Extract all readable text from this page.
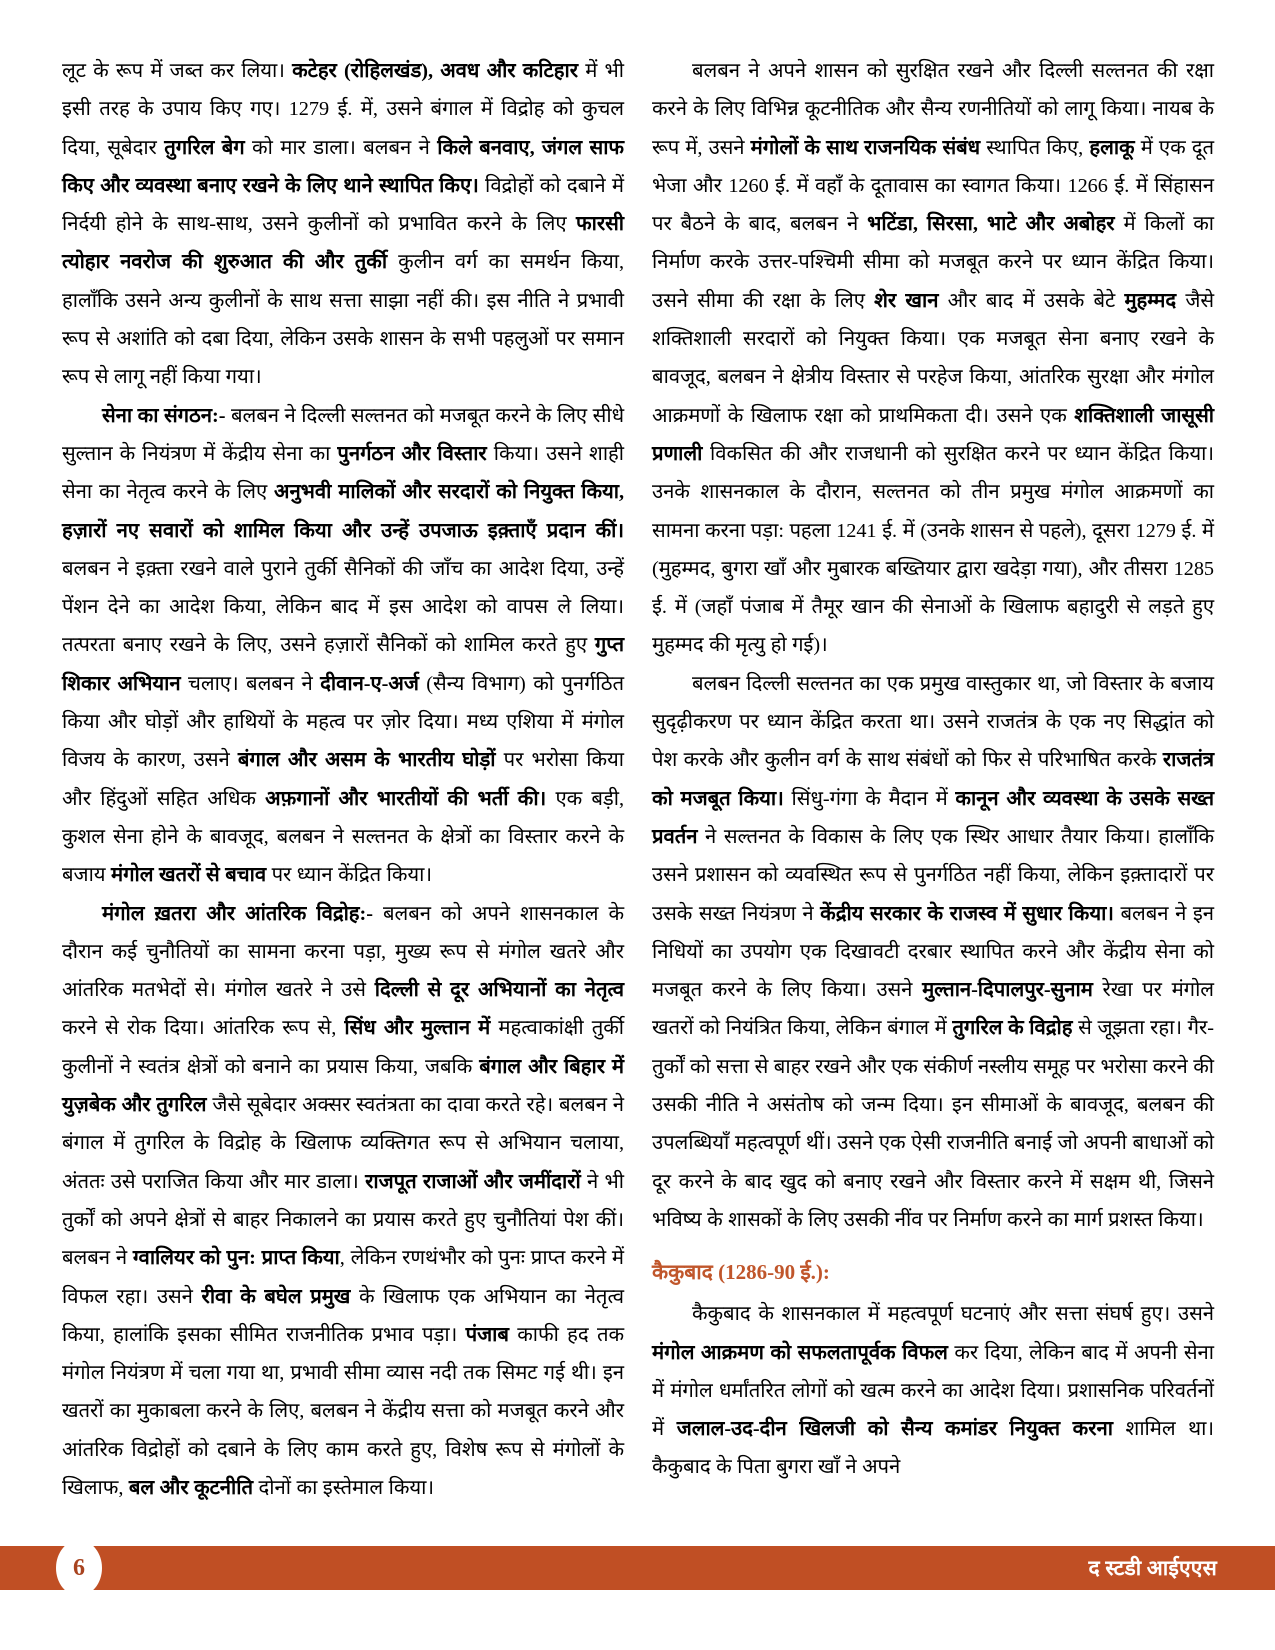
लूट के रूप में जब्त कर लिया। कटेहर (रोहिलखंड), अवध और कटिहार में भी इसी तरह के उपाय किए गए। 1279 ई. में, उसने बंगाल में विद्रोह को कुचल दिया, सूबेदार तुगरिल बेग को मार डाला। बलबन ने किले बनवाए, जंगल साफ किए और व्यवस्था बनाए रखने के लिए थाने स्थापित किए। विद्रोहों को दबाने में निर्दयी होने के साथ-साथ, उसने कुलीनों को प्रभावित करने के लिए फारसी त्योहार नवरोज की शुरुआत की और तुर्की कुलीन वर्ग का समर्थन किया, हालाँकि उसने अन्य कुलीनों के साथ सत्ता साझा नहीं की। इस नीति ने प्रभावी रूप से अशांति को दबा दिया, लेकिन उसके शासन के सभी पहलुओं पर समान रूप से लागू नहीं किया गया।

सेना का संगठन:- बलबन ने दिल्ली सल्तनत को मजबूत करने के लिए सीधे सुल्तान के नियंत्रण में केंद्रीय सेना का पुनर्गठन और विस्तार किया। उसने शाही सेना का नेतृत्व करने के लिए अनुभवी मालिकों और सरदारों को नियुक्त किया, हज़ारों नए सवारों को शामिल किया और उन्हें उपजाऊ इक़्ताएँ प्रदान कीं। बलबन ने इक़्ता रखने वाले पुराने तुर्की सैनिकों की जाँच का आदेश दिया, उन्हें पेंशन देने का आदेश किया, लेकिन बाद में इस आदेश को वापस ले लिया। तत्परता बनाए रखने के लिए, उसने हज़ारों सैनिकों को शामिल करते हुए गुप्त शिकार अभियान चलाए। बलबन ने दीवान-ए-अर्ज (सैन्य विभाग) को पुनर्गठित किया और घोड़ों और हाथियों के महत्व पर ज़ोर दिया। मध्य एशिया में मंगोल विजय के कारण, उसने बंगाल और असम के भारतीय घोड़ों पर भरोसा किया और हिंदुओं सहित अधिक अफ़गानों और भारतीयों की भर्ती की। एक बड़ी, कुशल सेना होने के बावजूद, बलबन ने सल्तनत के क्षेत्रों का विस्तार करने के बजाय मंगोल खतरों से बचाव पर ध्यान केंद्रित किया।

मंगोल ख़तरा और आंतरिक विद्रोह:- बलबन को अपने शासनकाल के दौरान कई चुनौतियों का सामना करना पड़ा, मुख्य रूप से मंगोल खतरे और आंतरिक मतभेदों से। मंगोल खतरे ने उसे दिल्ली से दूर अभियानों का नेतृत्व करने से रोक दिया। आंतरिक रूप से, सिंध और मुल्तान में महत्वाकांक्षी तुर्की कुलीनों ने स्वतंत्र क्षेत्रों को बनाने का प्रयास किया, जबकि बंगाल और बिहार में युज़बेक और तुगरिल जैसे सूबेदार अक्सर स्वतंत्रता का दावा करते रहे। बलबन ने बंगाल में तुगरिल के विद्रोह के खिलाफ व्यक्तिगत रूप से अभियान चलाया, अंततः उसे पराजित किया और मार डाला। राजपूत राजाओं और जमींदारों ने भी तुर्कों को अपने क्षेत्रों से बाहर निकालने का प्रयास करते हुए चुनौतियां पेश कीं। बलबन ने ग्वालियर को पुन: प्राप्त किया, लेकिन रणथंभौर को पुनः प्राप्त करने में विफल रहा। उसने रीवा के बघेल प्रमुख के खिलाफ एक अभियान का नेतृत्व किया, हालांकि इसका सीमित राजनीतिक प्रभाव पड़ा। पंजाब काफी हद तक मंगोल नियंत्रण में चला गया था, प्रभावी सीमा व्यास नदी तक सिमट गई थी। इन खतरों का मुकाबला करने के लिए, बलबन ने केंद्रीय सत्ता को मजबूत करने और आंतरिक विद्रोहों को दबाने के लिए काम करते हुए, विशेष रूप से मंगोलों के खिलाफ, बल और कूटनीति दोनों का इस्तेमाल किया।

बलबन ने अपने शासन को सुरक्षित रखने और दिल्ली सल्तनत की रक्षा करने के लिए विभिन्न कूटनीतिक और सैन्य रणनीतियों को लागू किया। नायब के रूप में, उसने मंगोलों के साथ राजनयिक संबंध स्थापित किए, हलाकू में एक दूत भेजा और 1260 ई. में वहाँ के दूतावास का स्वागत किया। 1266 ई. में सिंहासन पर बैठने के बाद, बलबन ने भटिंडा, सिरसा, भाटे और अबोहर में किलों का निर्माण करके उत्तर-पश्चिमी सीमा को मजबूत करने पर ध्यान केंद्रित किया। उसने सीमा की रक्षा के लिए शेर खान और बाद में उसके बेटे मुहम्मद जैसे शक्तिशाली सरदारों को नियुक्त किया। एक मजबूत सेना बनाए रखने के बावजूद, बलबन ने क्षेत्रीय विस्तार से परहेज किया, आंतरिक सुरक्षा और मंगोल आक्रमणों के खिलाफ रक्षा को प्राथमिकता दी। उसने एक शक्तिशाली जासूसी प्रणाली विकसित की और राजधानी को सुरक्षित करने पर ध्यान केंद्रित किया। उनके शासनकाल के दौरान, सल्तनत को तीन प्रमुख मंगोल आक्रमणों का सामना करना पड़ा: पहला 1241 ई. में (उनके शासन से पहले), दूसरा 1279 ई. में (मुहम्मद, बुगरा खाँ और मुबारक बख्तियार द्वारा खदेड़ा गया), और तीसरा 1285 ई. में (जहाँ पंजाब में तैमूर खान की सेनाओं के खिलाफ बहादुरी से लड़ते हुए मुहम्मद की मृत्यु हो गई)।

बलबन दिल्ली सल्तनत का एक प्रमुख वास्तुकार था, जो विस्तार के बजाय सुदृढ़ीकरण पर ध्यान केंद्रित करता था। उसने राजतंत्र के एक नए सिद्धांत को पेश करके और कुलीन वर्ग के साथ संबंधों को फिर से परिभाषित करके राजतंत्र को मजबूत किया। सिंधु-गंगा के मैदान में कानून और व्यवस्था के उसके सख्त प्रवर्तन ने सल्तनत के विकास के लिए एक स्थिर आधार तैयार किया। हालाँकि उसने प्रशासन को व्यवस्थित रूप से पुनर्गठित नहीं किया, लेकिन इक़्तादारों पर उसके सख्त नियंत्रण ने केंद्रीय सरकार के राजस्व में सुधार किया। बलबन ने इन निधियों का उपयोग एक दिखावटी दरबार स्थापित करने और केंद्रीय सेना को मजबूत करने के लिए किया। उसने मुल्तान-दिपालपुर-सुनाम रेखा पर मंगोल खतरों को नियंत्रित किया, लेकिन बंगाल में तुगरिल के विद्रोह से जूझता रहा। गैर-तुर्कों को सत्ता से बाहर रखने और एक संकीर्ण नस्लीय समूह पर भरोसा करने की उसकी नीति ने असंतोष को जन्म दिया। इन सीमाओं के बावजूद, बलबन की उपलब्धियाँ महत्वपूर्ण थीं। उसने एक ऐसी राजनीति बनाई जो अपनी बाधाओं को दूर करने के बाद खुद को बनाए रखने और विस्तार करने में सक्षम थी, जिसने भविष्य के शासकों के लिए उसकी नींव पर निर्माण करने का मार्ग प्रशस्त किया।

कैकुबाद (1286-90 ई.):

कैकुबाद के शासनकाल में महत्वपूर्ण घटनाएं और सत्ता संघर्ष हुए। उसने मंगोल आक्रमण को सफलतापूर्वक विफल कर दिया, लेकिन बाद में अपनी सेना में मंगोल धर्मांतरित लोगों को खत्म करने का आदेश दिया। प्रशासनिक परिवर्तनों में जलाल-उद-दीन खिलजी को सैन्य कमांडर नियुक्त करना शामिल था। कैकुबाद के पिता बुगरा खाँ ने अपने

6	द स्टडी आईएएस
